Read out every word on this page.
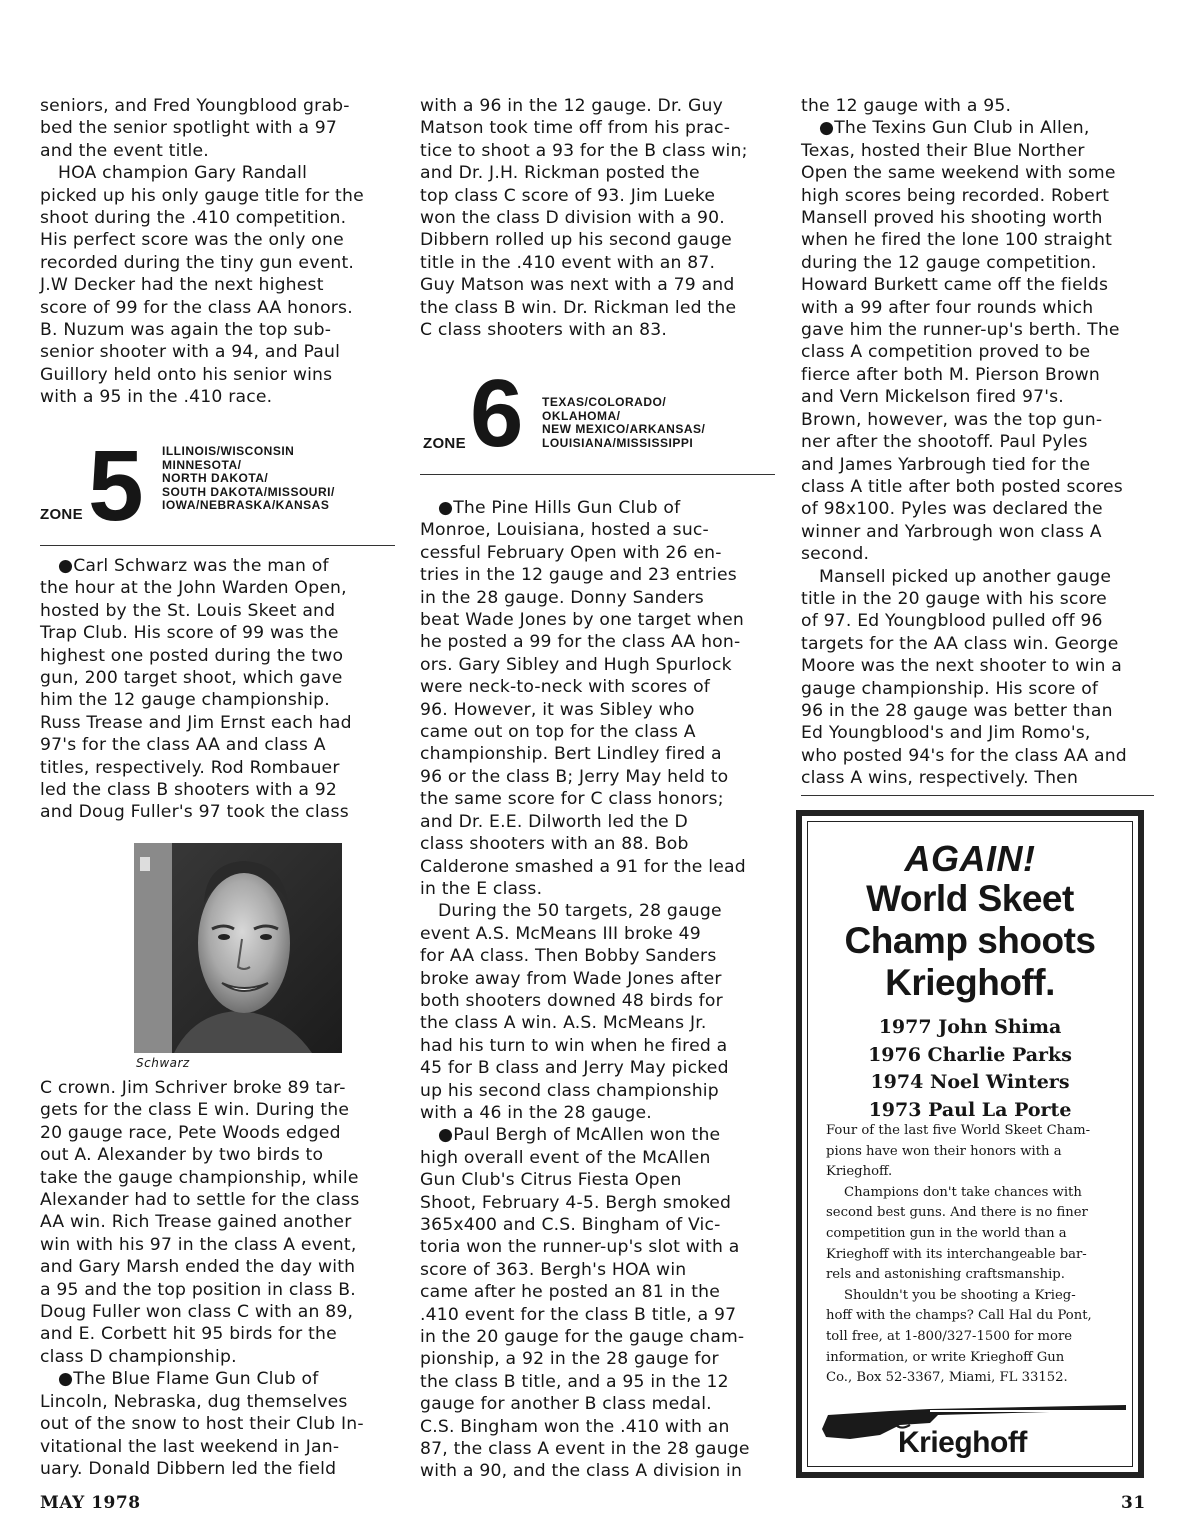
seniors, and Fred Youngblood grab-

bed the senior spotlight with a 97

and the event title.

HOA champion Gary Randall

picked up his only gauge title for the

shoot during the .410 competition.

His perfect score was the only one

recorded during the tiny gun event.

J.W Decker had the next highest

score of 99 for the class AA honors.

B. Nuzum was again the top sub-

senior shooter with a 94, and Paul

Guillory held onto his senior wins

with a 95 in the .410 race.

ZONE 5 ILLINOIS/WISCONSIN
MINNESOTA/
NORTH DAKOTA/
SOUTH DAKOTA/MISSOURI/
IOWA/NEBRASKA/KANSAS

●Carl Schwarz was the man of

the hour at the John Warden Open,

hosted by the St. Louis Skeet and

Trap Club. His score of 99 was the

highest one posted during the two

gun, 200 target shoot, which gave

him the 12 gauge championship.

Russ Trease and Jim Ernst each had

97's for the class AA and class A

titles, respectively. Rod Rombauer

led the class B shooters with a 92

and Doug Fuller's 97 took the class

Schwarz

C crown. Jim Schriver broke 89 tar-

gets for the class E win. During the

20 gauge race, Pete Woods edged

out A. Alexander by two birds to

take the gauge championship, while

Alexander had to settle for the class

AA win. Rich Trease gained another

win with his 97 in the class A event,

and Gary Marsh ended the day with

a 95 and the top position in class B.

Doug Fuller won class C with an 89,

and E. Corbett hit 95 birds for the

class D championship.

●The Blue Flame Gun Club of

Lincoln, Nebraska, dug themselves

out of the snow to host their Club In-

vitational the last weekend in Jan-

uary. Donald Dibbern led the field

with a 96 in the 12 gauge. Dr. Guy

Matson took time off from his prac-

tice to shoot a 93 for the B class win;

and Dr. J.H. Rickman posted the

top class C score of 93. Jim Lueke

won the class D division with a 90.

Dibbern rolled up his second gauge

title in the .410 event with an 87.

Guy Matson was next with a 79 and

the class B win. Dr. Rickman led the

C class shooters with an 83.

ZONE 6 TEXAS/COLORADO/
OKLAHOMA/
NEW MEXICO/ARKANSAS/
LOUISIANA/MISSISSIPPI

●The Pine Hills Gun Club of

Monroe, Louisiana, hosted a suc-

cessful February Open with 26 en-

tries in the 12 gauge and 23 entries

in the 28 gauge. Donny Sanders

beat Wade Jones by one target when

he posted a 99 for the class AA hon-

ors. Gary Sibley and Hugh Spurlock

were neck-to-neck with scores of

96. However, it was Sibley who

came out on top for the class A

championship. Bert Lindley fired a

96 or the class B; Jerry May held to

the same score for C class honors;

and Dr. E.E. Dilworth led the D

class shooters with an 88. Bob

Calderone smashed a 91 for the lead

in the E class.

During the 50 targets, 28 gauge

event A.S. McMeans III broke 49

for AA class. Then Bobby Sanders

broke away from Wade Jones after

both shooters downed 48 birds for

the class A win. A.S. McMeans Jr.

had his turn to win when he fired a

45 for B class and Jerry May picked

up his second class championship

with a 46 in the 28 gauge.

●Paul Bergh of McAllen won the

high overall event of the McAllen

Gun Club's Citrus Fiesta Open

Shoot, February 4-5. Bergh smoked

365x400 and C.S. Bingham of Vic-

toria won the runner-up's slot with a

score of 363. Bergh's HOA win

came after he posted an 81 in the

.410 event for the class B title, a 97

in the 20 gauge for the gauge cham-

pionship, a 92 in the 28 gauge for

the class B title, and a 95 in the 12

gauge for another B class medal.

C.S. Bingham won the .410 with an

87, the class A event in the 28 gauge

with a 90, and the class A division in

the 12 gauge with a 95.

●The Texins Gun Club in Allen,

Texas, hosted their Blue Norther

Open the same weekend with some

high scores being recorded. Robert

Mansell proved his shooting worth

when he fired the lone 100 straight

during the 12 gauge competition.

Howard Burkett came off the fields

with a 99 after four rounds which

gave him the runner-up's berth. The

class A competition proved to be

fierce after both M. Pierson Brown

and Vern Mickelson fired 97's.

Brown, however, was the top gun-

ner after the shootoff. Paul Pyles

and James Yarbrough tied for the

class A title after both posted scores

of 98x100. Pyles was declared the

winner and Yarbrough won class A

second.

Mansell picked up another gauge

title in the 20 gauge with his score

of 97. Ed Youngblood pulled off 96

targets for the AA class win. George

Moore was the next shooter to win a

gauge championship. His score of

96 in the 28 gauge was better than

Ed Youngblood's and Jim Romo's,

who posted 94's for the class AA and

class A wins, respectively. Then

AGAIN!
World Skeet
Champ shoots
Krieghoff.
1977 John Shima
1976 Charlie Parks
1974 Noel Winters
1973 Paul La Porte

Four of the last five World Skeet Cham-

pions have won their honors with a

Krieghoff.

Champions don't take chances with

second best guns. And there is no finer

competition gun in the world than a

Krieghoff with its interchangeable bar-

rels and astonishing craftsmanship.

Shouldn't you be shooting a Krieg-

hoff with the champs? Call Hal du Pont,

toll free, at 1-800/327-1500 for more

information, or write Krieghoff Gun

Co., Box 52-3367, Miami, FL 33152.

Krieghoff
MAY 1978	31
